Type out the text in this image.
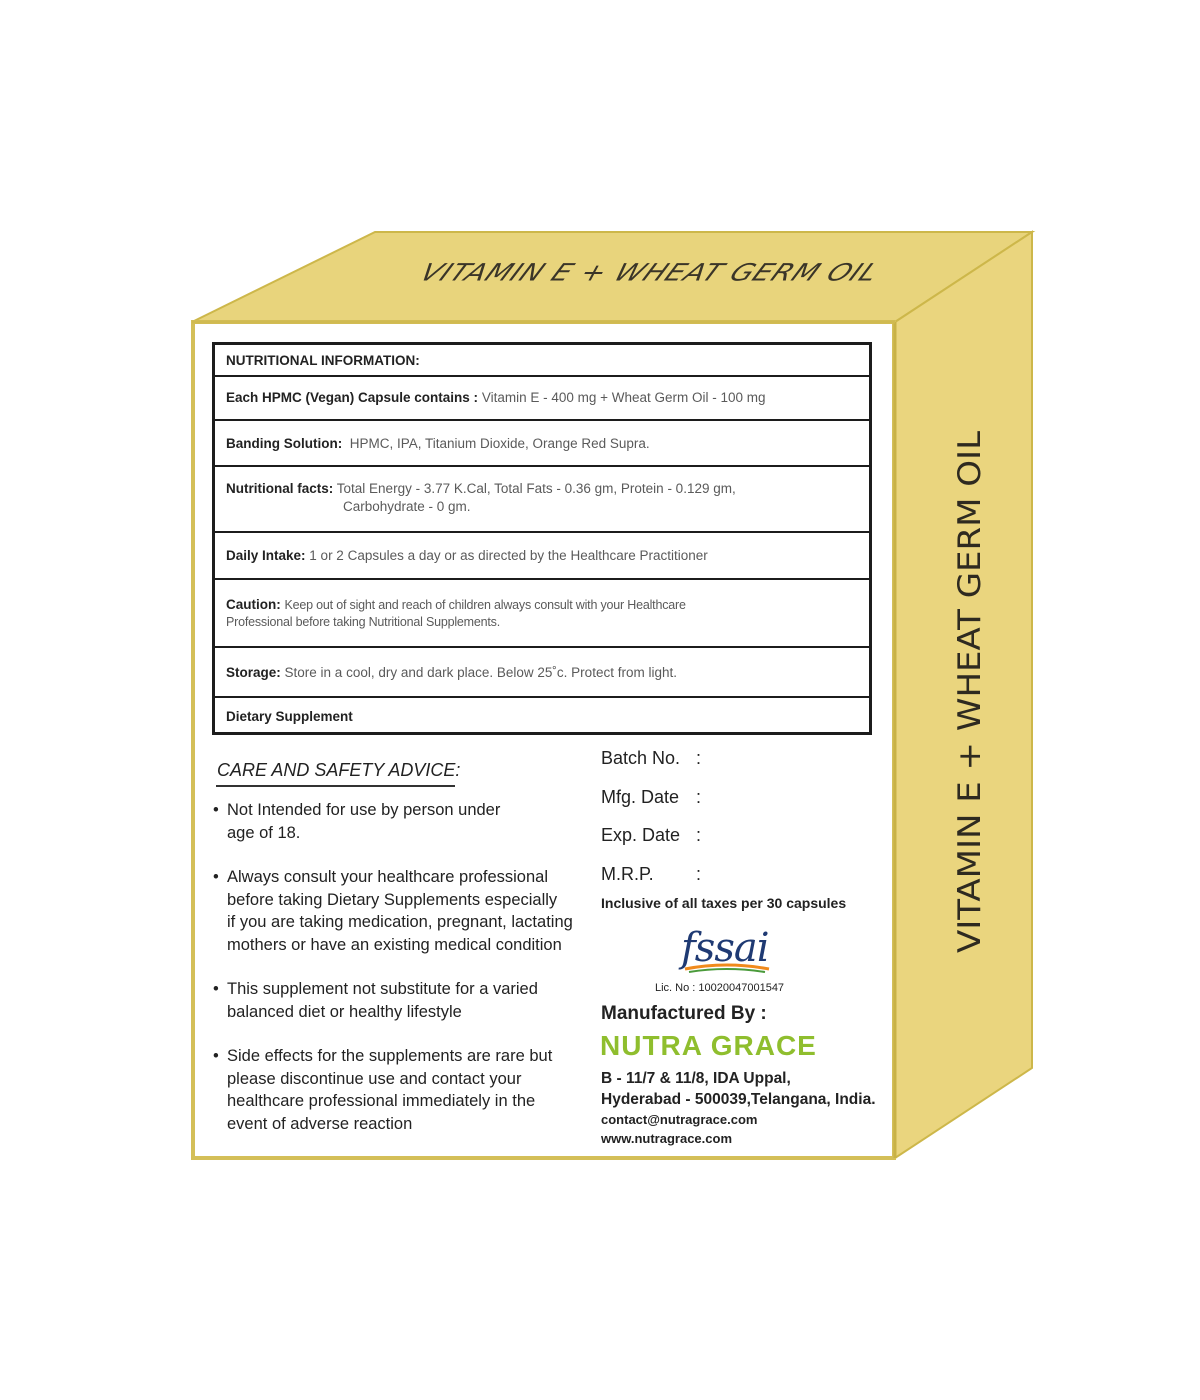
VITAMIN E + WHEAT GERM OIL
VITAMIN E + WHEAT GERM OIL
NUTRITIONAL INFORMATION:
Each HPMC (Vegan) Capsule contains : Vitamin E - 400 mg + Wheat Germ Oil - 100 mg
Banding Solution: HPMC, IPA, Titanium Dioxide, Orange Red Supra.
Nutritional facts: Total Energy - 3.77 K.Cal, Total Fats - 0.36 gm, Protein - 0.129 gm,
Carbohydrate - 0 gm.
Daily Intake: 1 or 2 Capsules a day or as directed by the Healthcare Practitioner
Caution: Keep out of sight and reach of children always consult with your Healthcare
Professional before taking Nutritional Supplements.
Storage: Store in a cool, dry and dark place. Below 25˚c. Protect from light.
Dietary Supplement
CARE AND SAFETY ADVICE:
• Not Intended for use by person under
age of 18.
• Always consult your healthcare professional
before taking Dietary Supplements especially
if you are taking medication, pregnant, lactating
mothers or have an existing medical condition
• This supplement not substitute for a varied
balanced diet or healthy lifestyle
• Side effects for the supplements are rare but
please discontinue use and contact your
healthcare professional immediately in the
event of adverse reaction
Batch No. :
Mfg. Date :
Exp. Date :
M.R.P. :
Inclusive of all taxes per 30 capsules
fssai
Lic. No : 10020047001547
Manufactured By :
NUTRA GRACE
B - 11/7 & 11/8, IDA Uppal,
Hyderabad - 500039,Telangana, India.
contact@nutragrace.com
www.nutragrace.com
